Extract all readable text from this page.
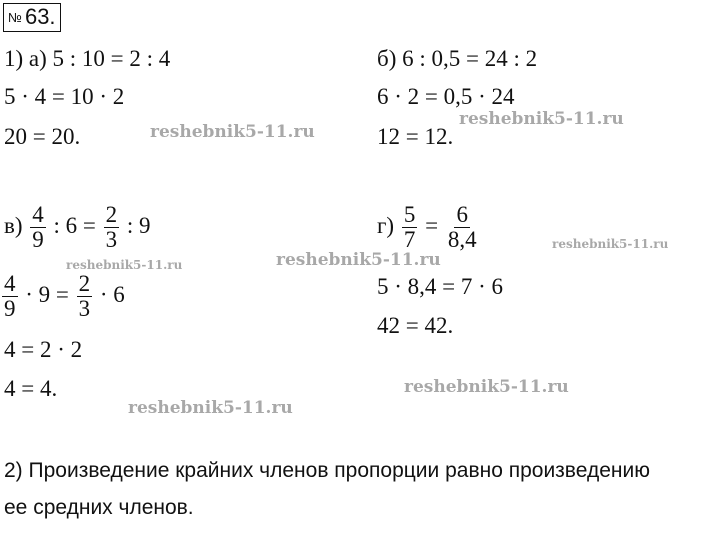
№ 63.
1) а) 5 : 10 = 2 : 4
5 · 4 = 10 · 2
20 = 20.
б) 6 : 0,5 = 24 : 2
6 · 2 = 0,5 · 24
12 = 12.
$в) \frac{4}{9}$ : $6 = \frac{2}{3}$ : 9
$\frac{4}{9} \cdot 9 = \frac{2}{3} \cdot 6$
4 = 2 · 2
4 = 4.
$г) \frac{5}{7} = \frac{6}{8,4}$
5 · 8,4 = 7 · 6
42 = 42.
2) Произведение крайних членов пропорции равно произведению
ее средних членов.
reshebnik5-11.ru
reshebnik5-11.ru
reshebnik5-11.ru	reshebnik5-11.ru
reshebnik5-11.ru
reshebnik5-11.ru
reshebnik5-11.ru
